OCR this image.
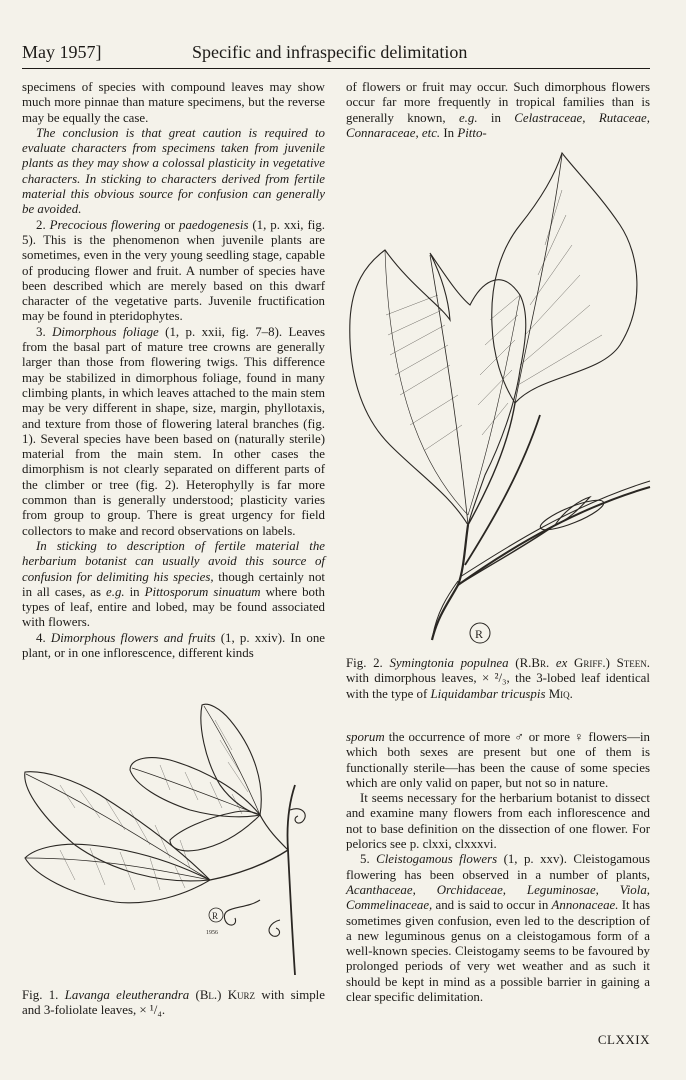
May 1957]	Specific and infraspecific delimitation

specimens of species with compound leaves may show much more pinnae than mature specimens, but the reverse may be equally the case.

The conclusion is that great caution is required to evaluate characters from specimens taken from juvenile plants as they may show a colossal plasticity in vegetative characters. In sticking to characters derived from fertile material this obvious source for confusion can generally be avoided.

2. Precocious flowering or paedogenesis (1, p. xxi, fig. 5). This is the phenomenon when juvenile plants are sometimes, even in the very young seedling stage, capable of producing flower and fruit. A number of species have been described which are merely based on this dwarf character of the vegetative parts. Juvenile fructification may be found in pteridophytes.

3. Dimorphous foliage (1, p. xxii, fig. 7–8). Leaves from the basal part of mature tree crowns are generally larger than those from flowering twigs. This difference may be stabilized in dimorphous foliage, found in many climbing plants, in which leaves attached to the main stem may be very different in shape, size, margin, phyllotaxis, and texture from those of flowering lateral branches (fig. 1). Several species have been based on (naturally sterile) material from the main stem. In other cases the dimorphism is not clearly separated on different parts of the climber or tree (fig. 2). Heterophylly is far more common than is generally understood; plasticity varies from group to group. There is great urgency for field collectors to make and record observations on labels.

In sticking to description of fertile material the herbarium botanist can usually avoid this source of confusion for delimiting his species, though certainly not in all cases, as e.g. in Pittosporum sinuatum where both types of leaf, entire and lobed, may be found associated with flowers.

4. Dimorphous flowers and fruits (1, p. xxiv). In one plant, or in one inflorescence, different kinds

of flowers or fruit may occur. Such dimorphous flowers occur far more frequently in tropical families than is generally known, e.g. in Celastraceae, Rutaceae, Connaraceae, etc. In Pitto-

R
Fig. 2. Symingtonia populnea (R.Br. ex Griff.) Steen. with dimorphous leaves, × ²/₃, the 3-lobed leaf identical with the type of Liquidambar tricuspis Miq.

sporum the occurrence of more ♂ or more ♀ flowers—in which both sexes are present but one of them is functionally sterile—has been the cause of some species which are only valid on paper, but not so in nature.

It seems necessary for the herbarium botanist to dissect and examine many flowers from each inflorescence and not to base definition on the dissection of one flower. For pelorics see p. clxxi, clxxxvi.

5. Cleistogamous flowers (1, p. xxv). Cleistogamous flowering has been observed in a number of plants, Acanthaceae, Orchidaceae, Leguminosae, Viola, Commelinaceae, and is said to occur in Annonaceae. It has sometimes given confusion, even led to the description of a new leguminous genus on a cleistogamous form of a well-known species. Cleistogamy seems to be favoured by prolonged periods of very wet weather and as such it should be kept in mind as a possible barrier in gaining a clear specific delimitation.

R
1956
Fig. 1. Lavanga eleutherandra (Bl.) Kurz with simple and 3-foliolate leaves, × ¹/₄.
CLXXIX
